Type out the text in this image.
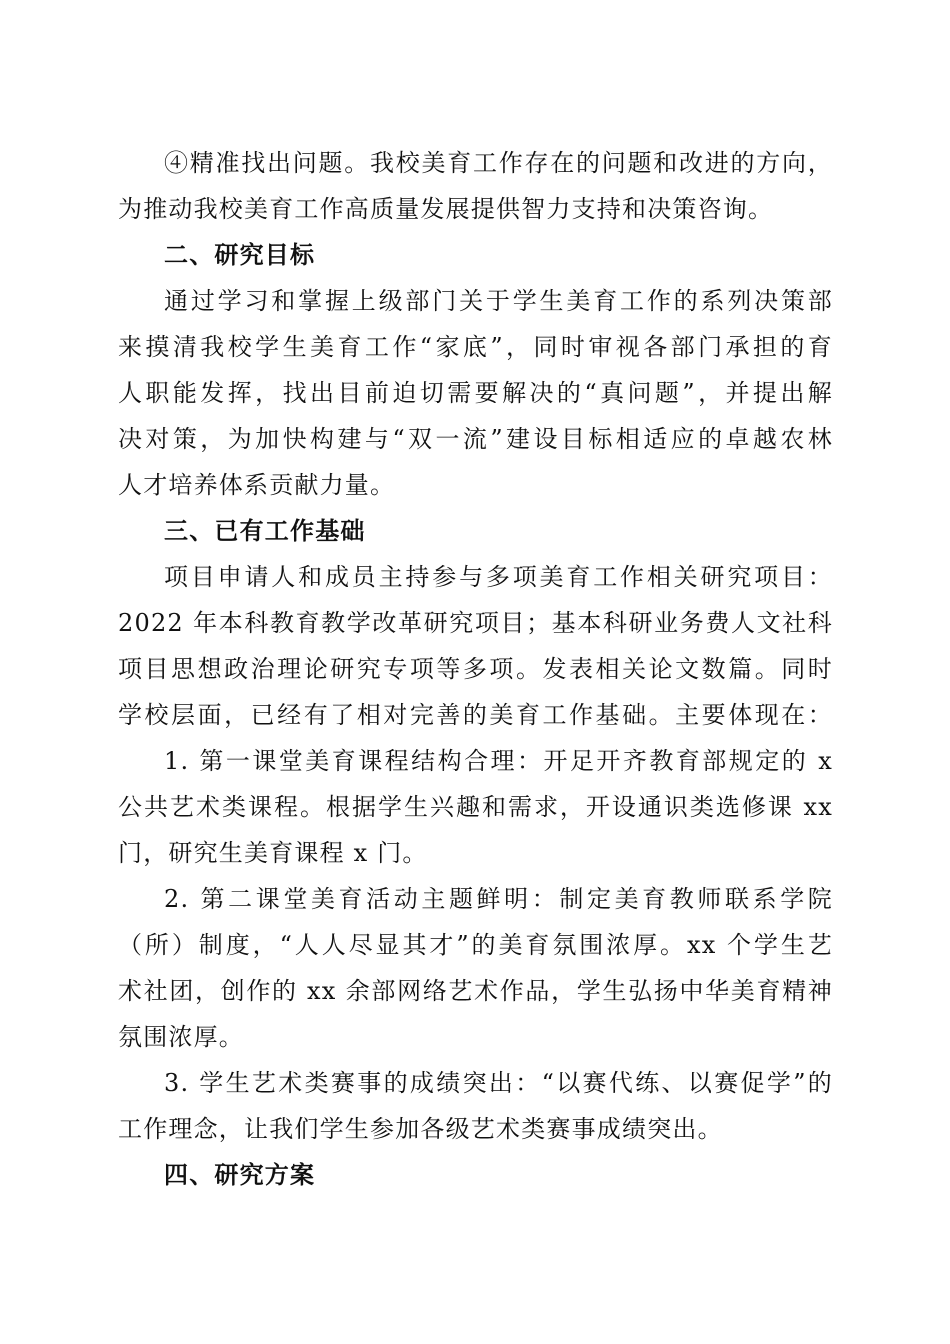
④精准找出问题。我校美育工作存在的问题和改进的方向，
为推动我校美育工作高质量发展提供智力支持和决策咨询。
二、研究目标
通过学习和掌握上级部门关于学生美育工作的系列决策部
来摸清我校学生美育工作“家底”，同时审视各部门承担的育
人职能发挥，找出目前迫切需要解决的“真问题”，并提出解
决对策，为加快构建与“双一流”建设目标相适应的卓越农林
人才培养体系贡献力量。
三、已有工作基础
项目申请人和成员主持参与多项美育工作相关研究项目：
2022 年本科教育教学改革研究项目；基本科研业务费人文社科
项目思想政治理论研究专项等多项。发表相关论文数篇。同时
学校层面，已经有了相对完善的美育工作基础。主要体现在：
1. 第一课堂美育课程结构合理：开足开齐教育部规定的 x
公共艺术类课程。根据学生兴趣和需求，开设通识类选修课 xx
门，研究生美育课程 x 门。
2. 第二课堂美育活动主题鲜明：制定美育教师联系学院
（所）制度，“人人尽显其才”的美育氛围浓厚。xx 个学生艺
术社团，创作的 xx 余部网络艺术作品，学生弘扬中华美育精神
氛围浓厚。
3. 学生艺术类赛事的成绩突出：“以赛代练、以赛促学”的
工作理念，让我们学生参加各级艺术类赛事成绩突出。
四、研究方案
